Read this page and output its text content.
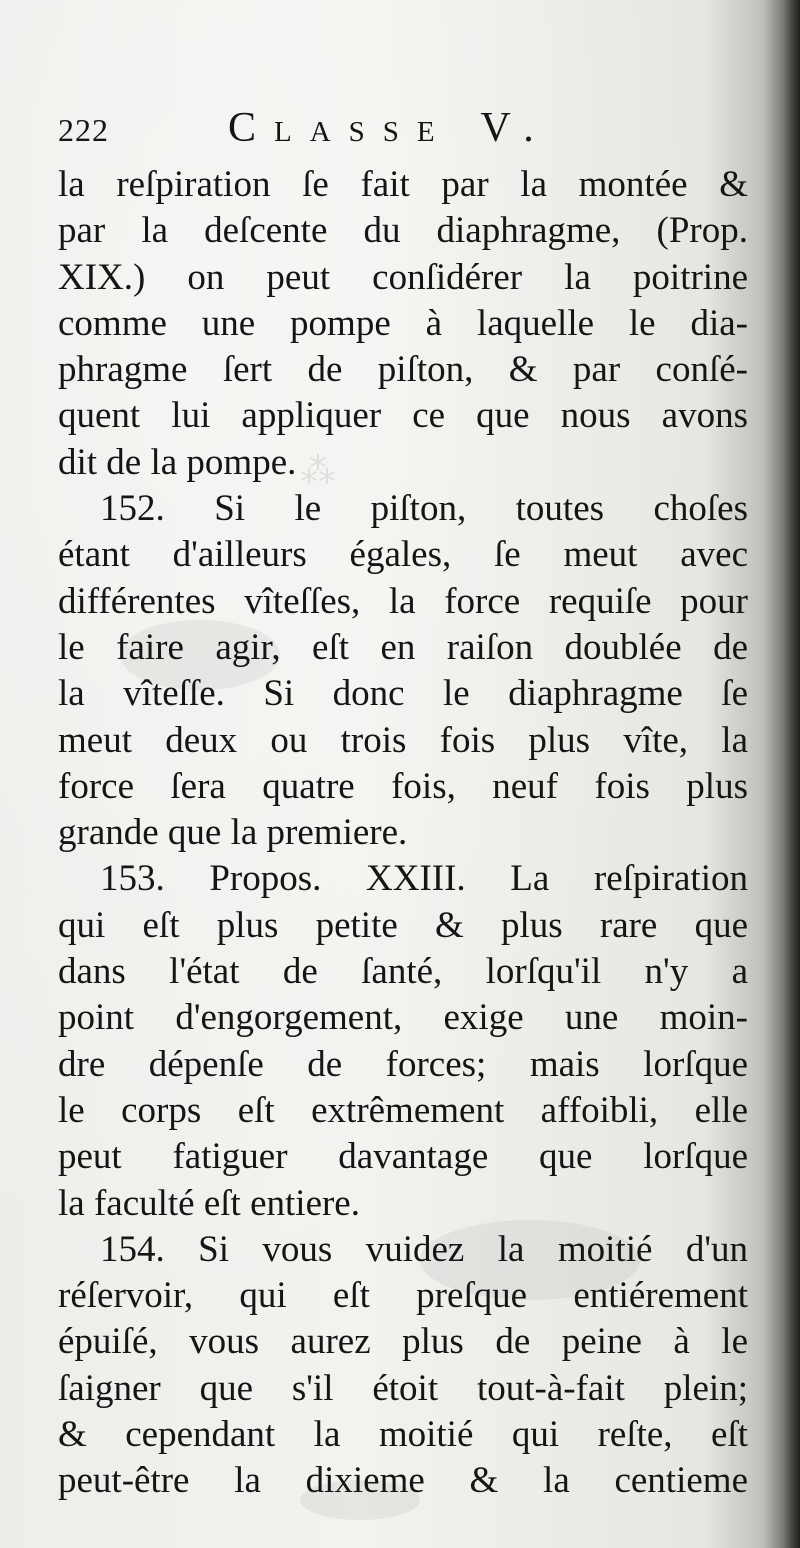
⁂
222	Classe V.
la reſpiration ſe fait par la montée &
par la deſcente du diaphragme, (Prop.
XIX.) on peut conſidérer la poitrine
comme une pompe à laquelle le dia-
phragme ſert de piſton, & par conſé-
quent lui appliquer ce que nous avons
dit de la pompe.
152. Si le piſton, toutes choſes
étant d'ailleurs égales, ſe meut avec
différentes vîteſſes, la force requiſe pour
le faire agir, eſt en raiſon doublée de
la vîteſſe. Si donc le diaphragme ſe
meut deux ou trois fois plus vîte, la
force ſera quatre fois, neuf fois plus
grande que la premiere.
153. Propos. XXIII. La reſpiration
qui eſt plus petite & plus rare que
dans l'état de ſanté, lorſqu'il n'y a
point d'engorgement, exige une moin-
dre dépenſe de forces; mais lorſque
le corps eſt extrêmement affoibli, elle
peut fatiguer davantage que lorſque
la faculté eſt entiere.
154. Si vous vuidez la moitié d'un
réſervoir, qui eſt preſque entiérement
épuiſé, vous aurez plus de peine à le
ſaigner que s'il étoit tout-à-fait plein;
& cependant la moitié qui reſte, eſt
peut-être la dixieme & la centieme
